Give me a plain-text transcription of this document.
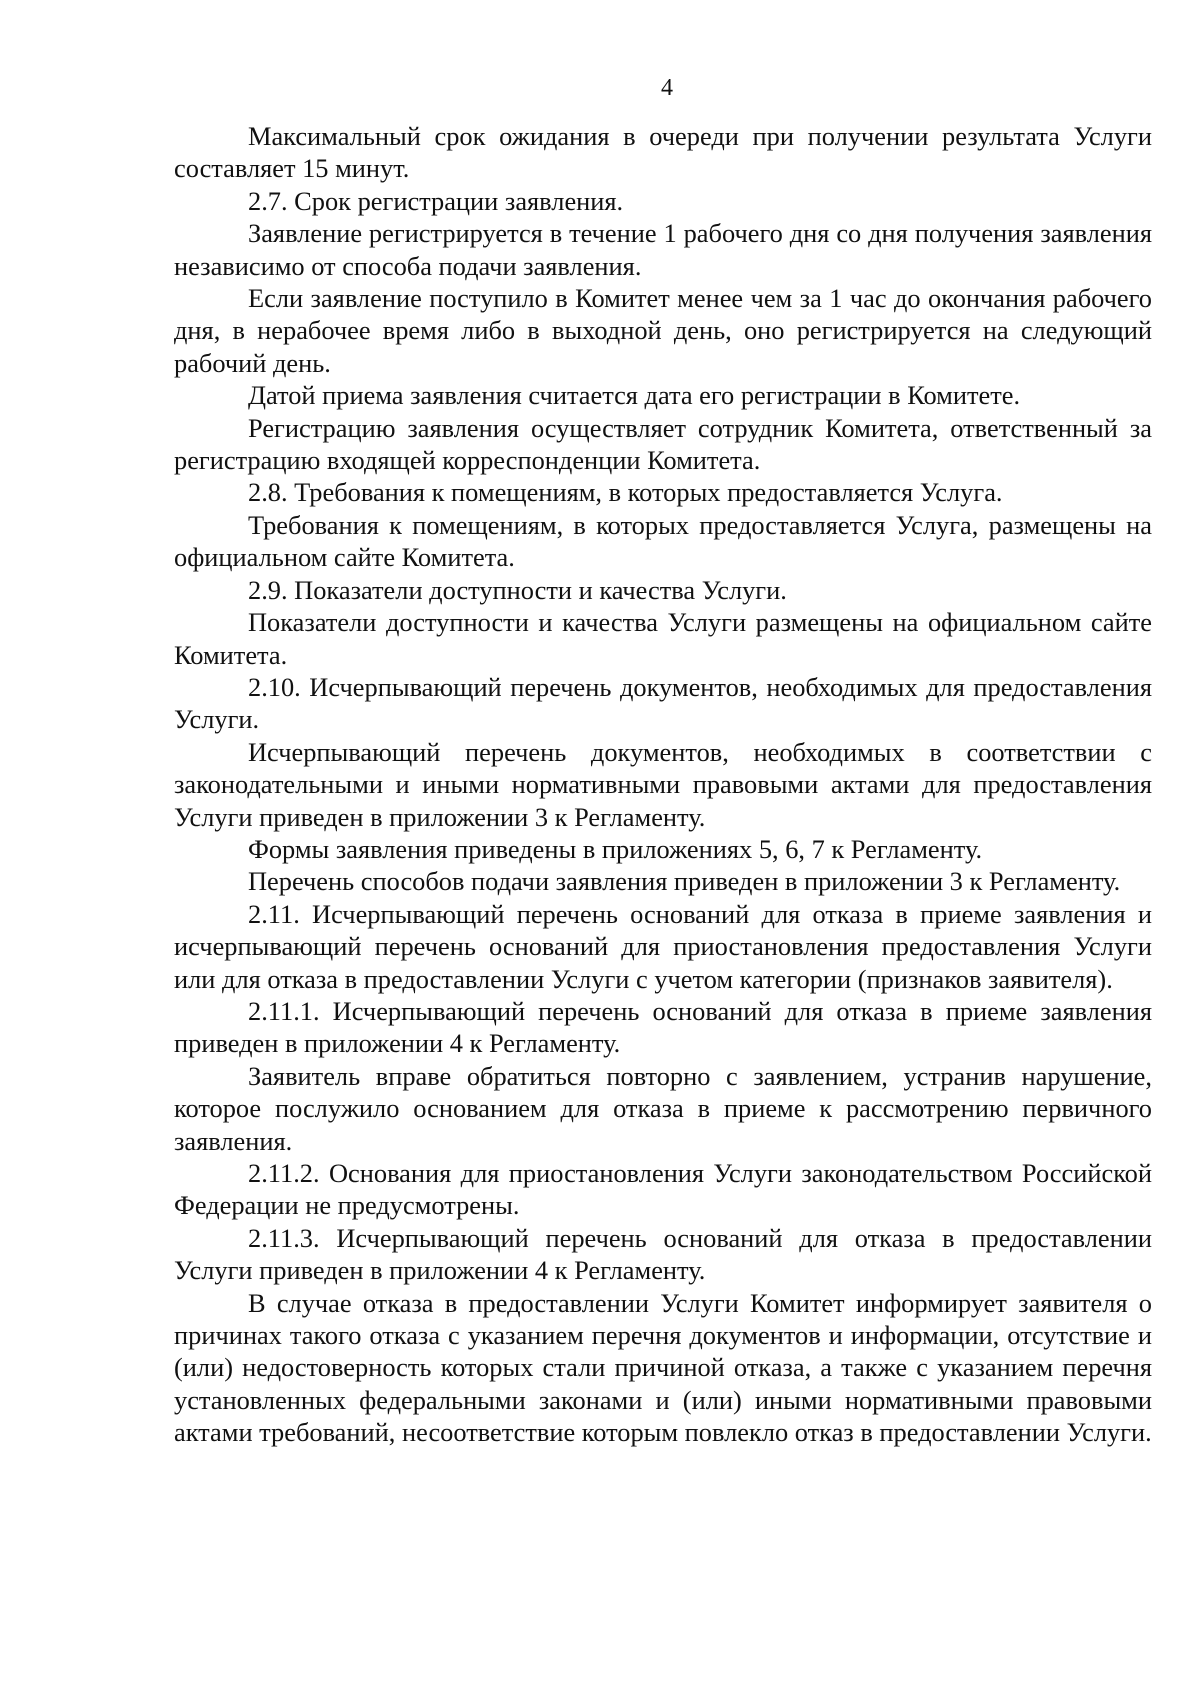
4

Максимальный срок ожидания в очереди при получении результата Услуги составляет 15 минут.

2.7. Срок регистрации заявления.

Заявление регистрируется в течение 1 рабочего дня со дня получения заявления независимо от способа подачи заявления.

Если заявление поступило в Комитет менее чем за 1 час до окончания рабочего дня, в нерабочее время либо в выходной день, оно регистрируется на следующий рабочий день.

Датой приема заявления считается дата его регистрации в Комитете.

Регистрацию заявления осуществляет сотрудник Комитета, ответственный за регистрацию входящей корреспонденции Комитета.

2.8. Требования к помещениям, в которых предоставляется Услуга.

Требования к помещениям, в которых предоставляется Услуга, размещены на официальном сайте Комитета.

2.9. Показатели доступности и качества Услуги.

Показатели доступности и качества Услуги размещены на официальном сайте Комитета.

2.10. Исчерпывающий перечень документов, необходимых для предоставления Услуги.

Исчерпывающий перечень документов, необходимых в соответствии с законодательными и иными нормативными правовыми актами для предоставления Услуги приведен в приложении 3 к Регламенту.

Формы заявления приведены в приложениях 5, 6, 7 к Регламенту.

Перечень способов подачи заявления приведен в приложении 3 к Регламенту.

2.11. Исчерпывающий перечень оснований для отказа в приеме заявления и исчерпывающий перечень оснований для приостановления предоставления Услуги или для отказа в предоставлении Услуги с учетом категории (признаков заявителя).

2.11.1. Исчерпывающий перечень оснований для отказа в приеме заявления приведен в приложении 4 к Регламенту.

Заявитель вправе обратиться повторно с заявлением, устранив нарушение, которое послужило основанием для отказа в приеме к рассмотрению первичного заявления.

2.11.2. Основания для приостановления Услуги законодательством Российской Федерации не предусмотрены.

2.11.3. Исчерпывающий перечень оснований для отказа в предоставлении Услуги приведен в приложении 4 к Регламенту.

В случае отказа в предоставлении Услуги Комитет информирует заявителя о причинах такого отказа с указанием перечня документов и информации, отсутствие и (или) недостоверность которых стали причиной отказа, а также с указанием перечня установленных федеральными законами и (или) иными нормативными правовыми актами требований, несоответствие которым повлекло отказ в предоставлении Услуги.
